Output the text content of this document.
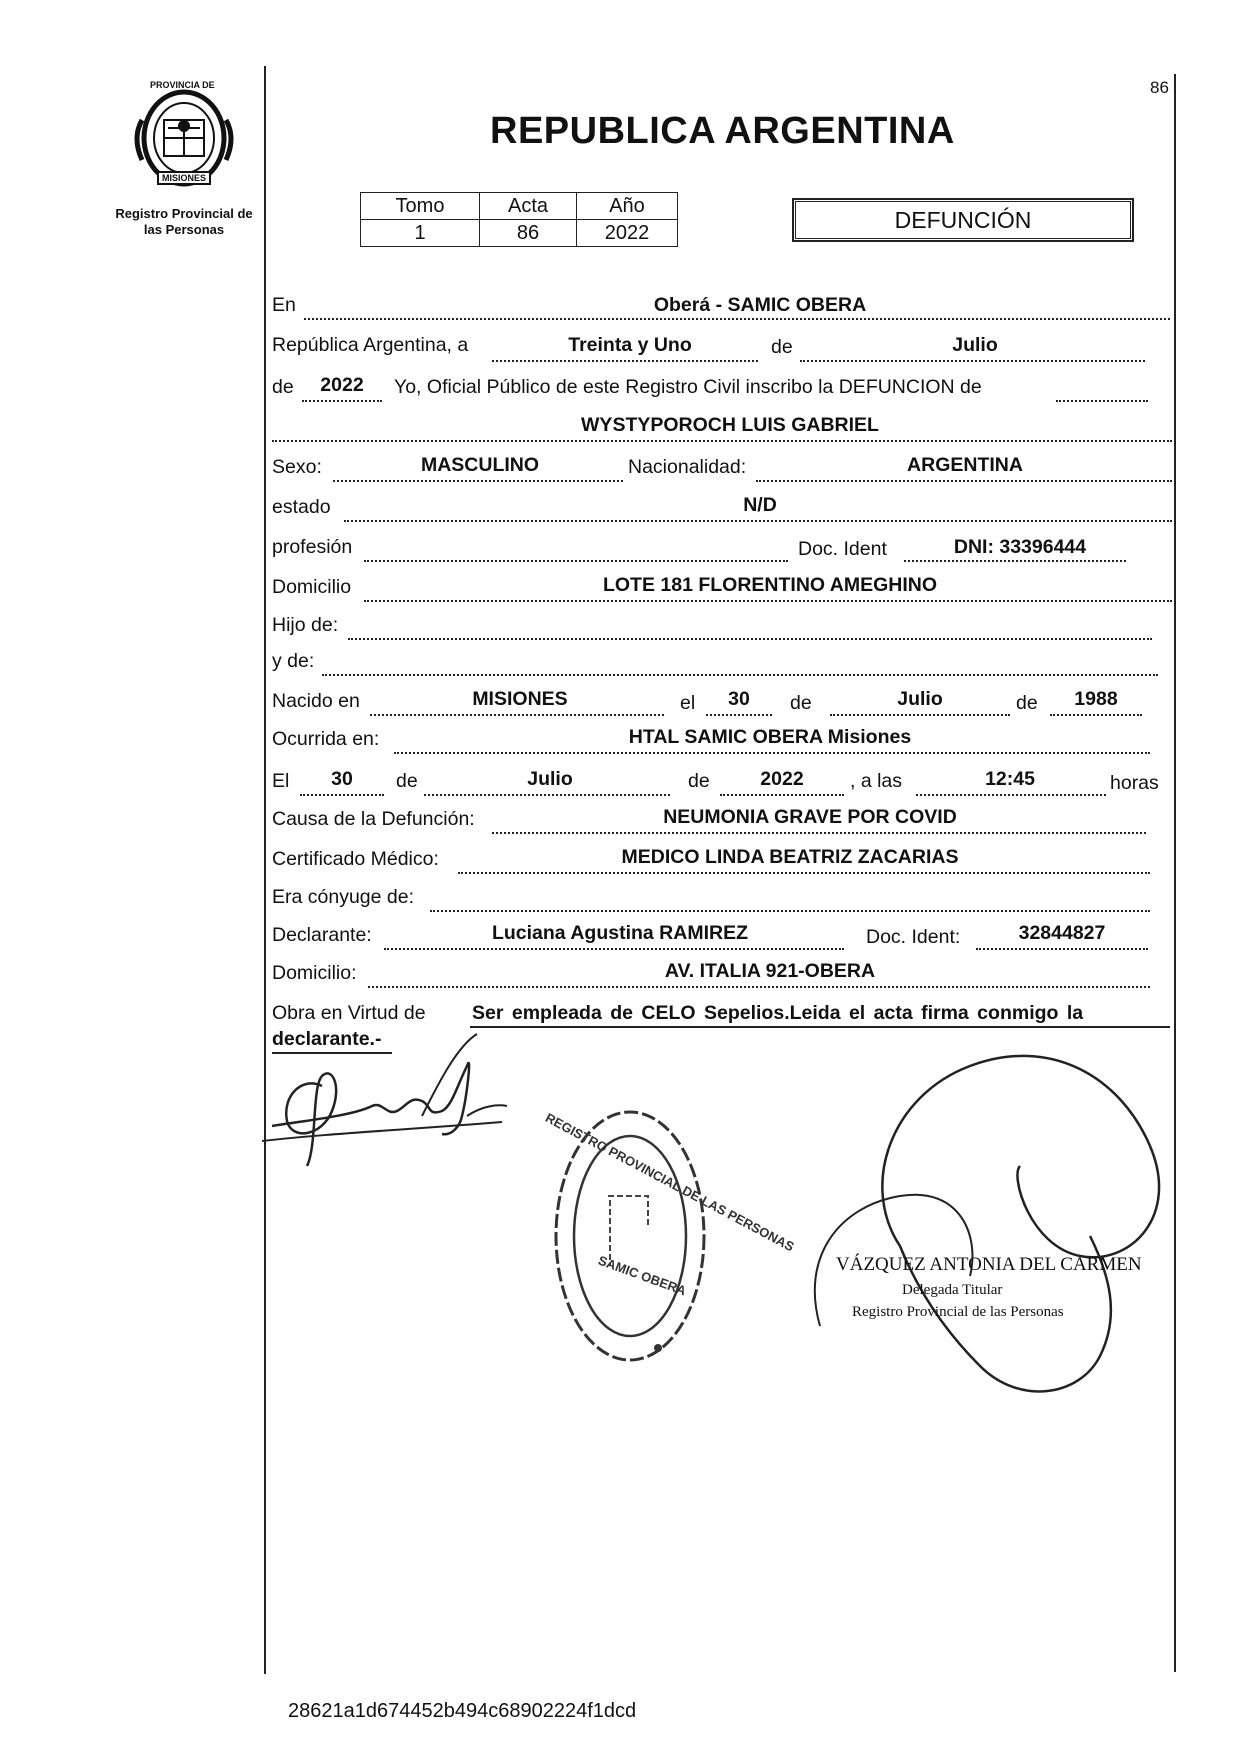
PROVINCIA DE
MISIONES
Registro Provincial de
las Personas
86
REPUBLICA ARGENTINA
Tomo	Acta	Año
1	86	2022	DEFUNCIÓN
En	Oberá - SAMIC OBERA
República Argentina, a	Treinta y Uno	de	Julio
de	2022	Yo, Oficial Público de este Registro Civil inscribo la DEFUNCION de
WYSTYPOROCH LUIS GABRIEL
Sexo:	MASCULINO	Nacionalidad:	ARGENTINA
estado	N/D
profesión	Doc. Ident	DNI: 33396444
Domicilio	LOTE 181 FLORENTINO AMEGHINO
Hijo de:
y de:
Nacido en	MISIONES	el	30	de	Julio	de	1988
Ocurrida en:	HTAL SAMIC OBERA Misiones
El	30	de	Julio	de	2022	, a las	12:45	horas
Causa de la Defunción:	NEUMONIA GRAVE POR COVID
Certificado Médico:	MEDICO LINDA BEATRIZ ZACARIAS
Era cónyuge de:
Declarante:	Luciana Agustina RAMIREZ	Doc. Ident:	32844827
Domicilio:	AV. ITALIA 921-OBERA
Obra en Virtud de Ser empleada de CELO Sepelios.Leida el acta firma conmigo la
declarante.-
REGISTRO PROVINCIAL DE LAS PERSONAS
SAMIC OBERA	VÁZQUEZ ANTONIA DEL CARMEN
Delegada Titular
Registro Provincial de las Personas
28621a1d674452b494c68902224f1dcd
